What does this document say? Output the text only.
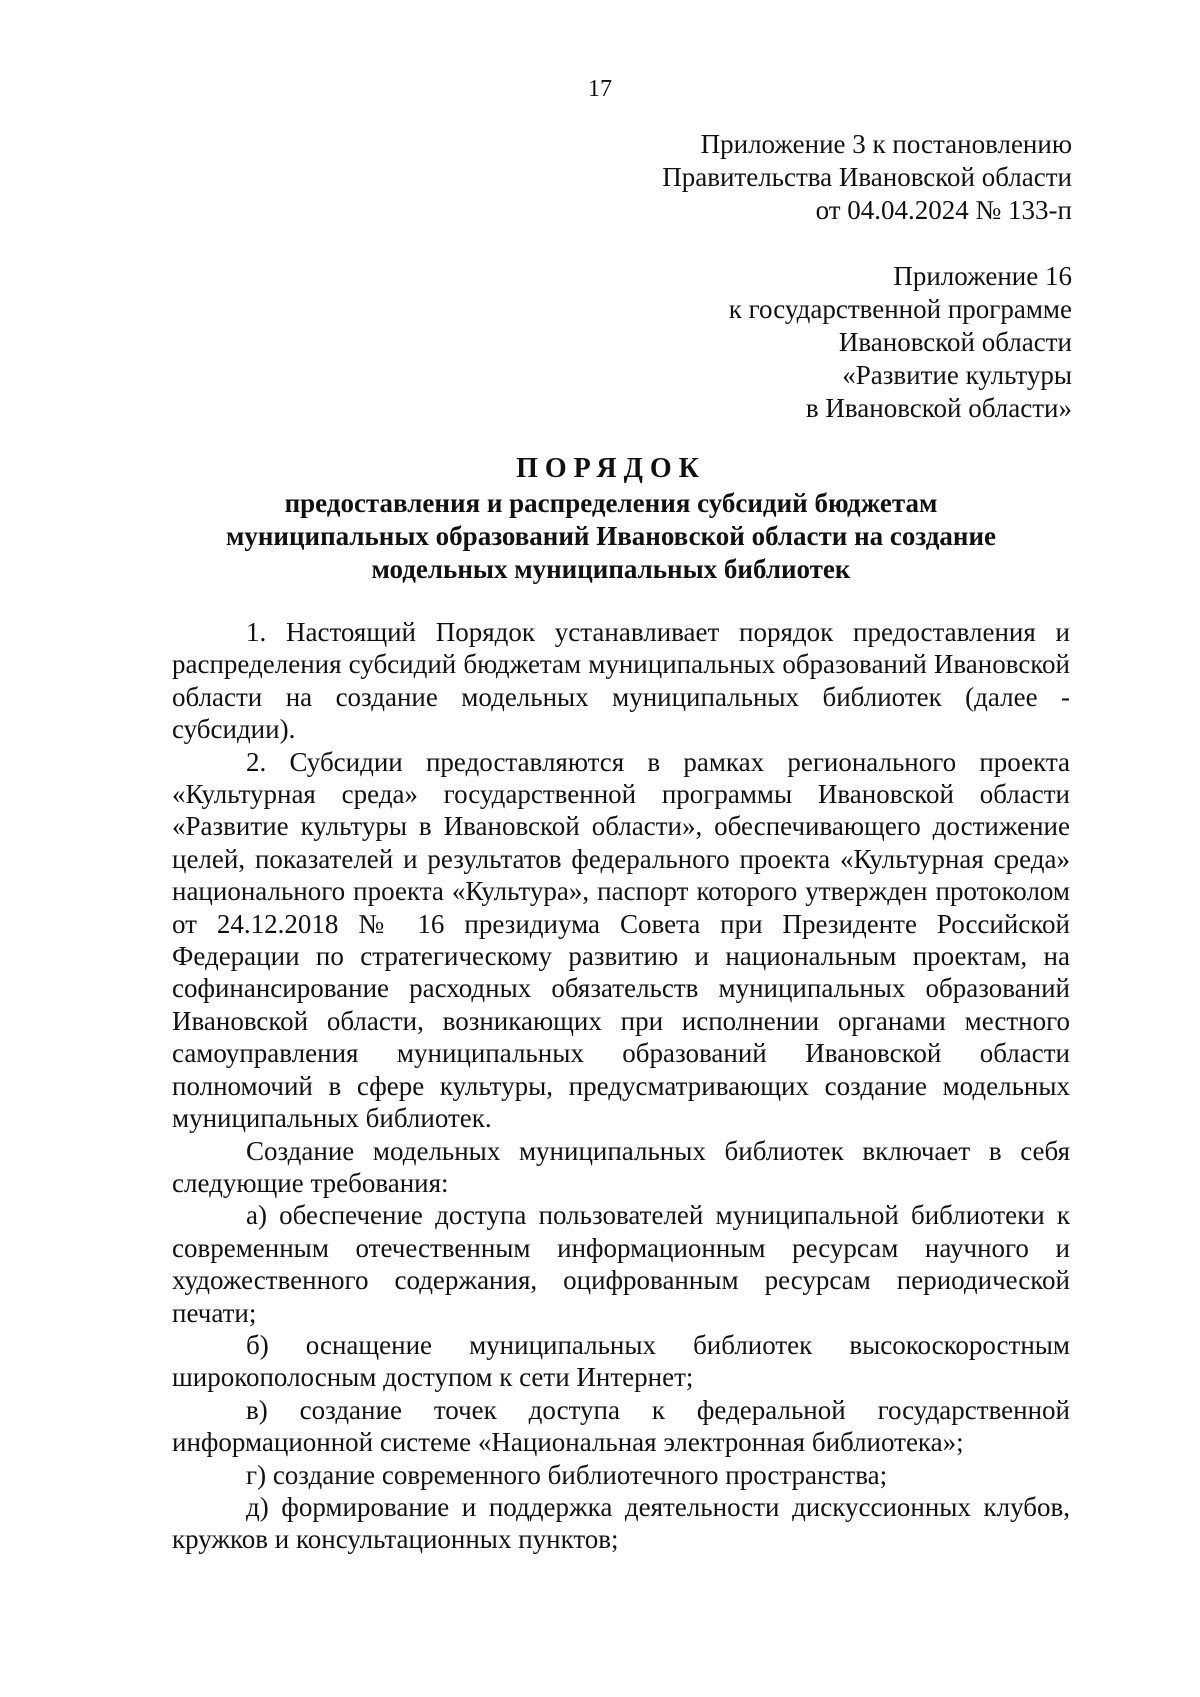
17
Приложение 3 к постановлению
Правительства Ивановской области
от 04.04.2024 № 133-п
Приложение 16
к государственной программе
Ивановской области
«Развитие культуры
в Ивановской области»
ПОРЯДОК
предоставления и распределения субсидий бюджетам
муниципальных образований Ивановской области на создание
модельных муниципальных библиотек

1. Настоящий Порядок устанавливает порядок предоставления и распределения субсидий бюджетам муниципальных образований Ивановской области на создание модельных муниципальных библиотек (далее - субсидии).

2. Субсидии предоставляются в рамках регионального проекта «Культурная среда» государственной программы Ивановской области «Развитие культуры в Ивановской области», обеспечивающего достижение целей, показателей и результатов федерального проекта «Культурная среда» национального проекта «Культура», паспорт которого утвержден протоколом от 24.12.2018 № 16 президиума Совета при Президенте Российской Федерации по стратегическому развитию и национальным проектам, на софинансирование расходных обязательств муниципальных образований Ивановской области, возникающих при исполнении органами местного самоуправления муниципальных образований Ивановской области полномочий в сфере культуры, предусматривающих создание модельных муниципальных библиотек.

Создание модельных муниципальных библиотек включает в себя следующие требования:

а) обеспечение доступа пользователей муниципальной библиотеки к современным отечественным информационным ресурсам научного и художественного содержания, оцифрованным ресурсам периодической печати;

б) оснащение муниципальных библиотек высокоскоростным широкополосным доступом к сети Интернет;

в) создание точек доступа к федеральной государственной информационной системе «Национальная электронная библиотека»;

г) создание современного библиотечного пространства;

д) формирование и поддержка деятельности дискуссионных клубов, кружков и консультационных пунктов;
